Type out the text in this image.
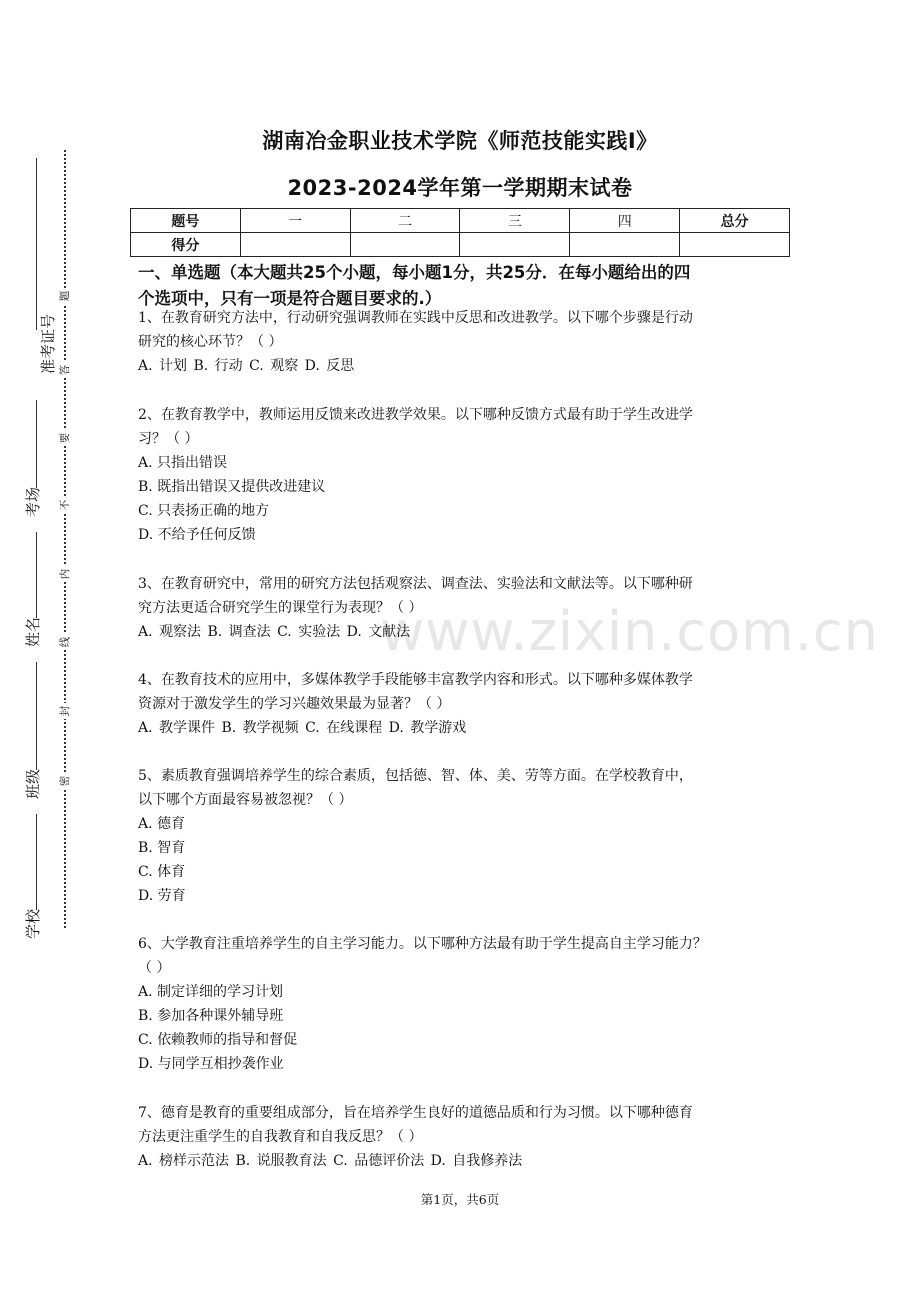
www.zixin.com.cn
题
答
要
不
内
线
封
密
准考证号
考场
姓名
班级
学校
湖南冶金职业技术学院《师范技能实践I》
2023-2024学年第一学期期末试卷
题号	一	二	三	四	总分
得分					
一、单选题（本大题共25个小题，每小题1分，共25分．在每小题给出的四
个选项中，只有一项是符合题目要求的.）

1、在教育研究方法中，行动研究强调教师在实践中反思和改进教学。以下哪个步骤是行动

研究的核心环节？（ ）

A. 计划 B. 行动 C. 观察 D. 反思

2、在教育教学中，教师运用反馈来改进教学效果。以下哪种反馈方式最有助于学生改进学

习？（ ）

A. 只指出错误

B. 既指出错误又提供改进建议

C. 只表扬正确的地方

D. 不给予任何反馈

3、在教育研究中，常用的研究方法包括观察法、调查法、实验法和文献法等。以下哪种研

究方法更适合研究学生的课堂行为表现？（ ）

A. 观察法 B. 调查法 C. 实验法 D. 文献法

4、在教育技术的应用中，多媒体教学手段能够丰富教学内容和形式。以下哪种多媒体教学

资源对于激发学生的学习兴趣效果最为显著？（ ）

A. 教学课件 B. 教学视频 C. 在线课程 D. 教学游戏

5、素质教育强调培养学生的综合素质，包括德、智、体、美、劳等方面。在学校教育中，

以下哪个方面最容易被忽视？（ ）

A. 德育

B. 智育

C. 体育

D. 劳育

6、大学教育注重培养学生的自主学习能力。以下哪种方法最有助于学生提高自主学习能力？

（ ）

A. 制定详细的学习计划

B. 参加各种课外辅导班

C. 依赖教师的指导和督促

D. 与同学互相抄袭作业

7、德育是教育的重要组成部分，旨在培养学生良好的道德品质和行为习惯。以下哪种德育

方法更注重学生的自我教育和自我反思？（ ）

A. 榜样示范法 B. 说服教育法 C. 品德评价法 D. 自我修养法

第1页，共6页
